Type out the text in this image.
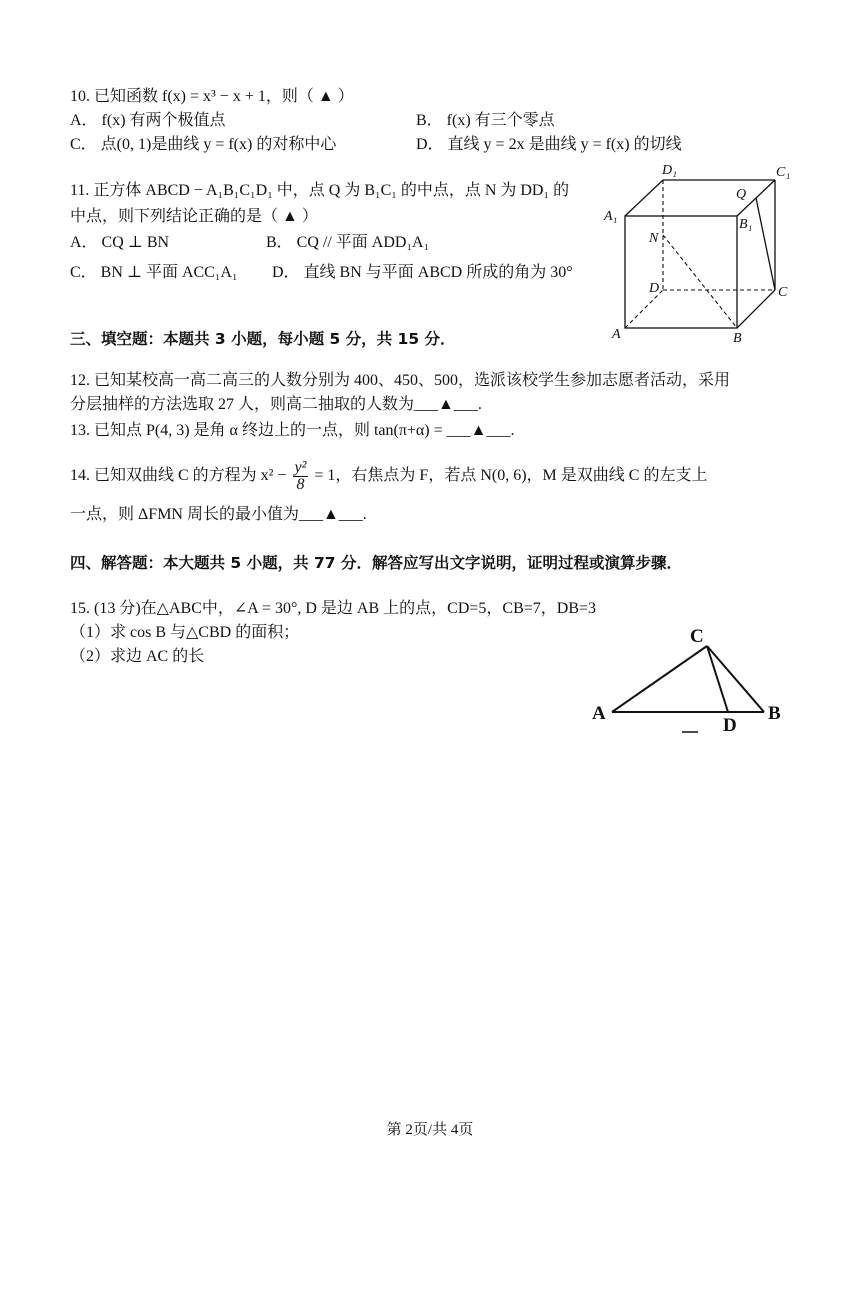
10. 已知函数 f(x) = x³ − x + 1，则（ ▲ ）
A． f(x) 有两个极值点	B． f(x) 有三个零点
C． 点(0, 1)是曲线 y = f(x) 的对称中心	D． 直线 y = 2x 是曲线 y = f(x) 的切线
11. 正方体 ABCD − A₁B₁C₁D₁ 中，点 Q 为 B₁C₁ 的中点，点 N 为 DD₁ 的
中点，则下列结论正确的是（ ▲ ）
A． CQ ⊥ BN	B． CQ // 平面 ADD₁A₁
C． BN ⊥ 平面 ACC₁A₁ D． 直线 BN 与平面 ABCD 所成的角为 30°
D₁	C₁
A₁
B₁
Q
N
D	C
A	B
三、填空题：本题共 3 小题，每小题 5 分，共 15 分．
12. 已知某校高一高二高三的人数分别为 400、450、500，选派该校学生参加志愿者活动，采用
分层抽样的方法选取 27 人，则高二抽取的人数为___▲___.
13. 已知点 P(4, 3) 是角 α 终边上的一点，则 tan(π+α) = ___▲___.
14. 已知双曲线 C 的方程为 $x^2 - \frac{\text{y²}}{8} = 1$，右焦点为 F，若点 N(0, 6)，M 是双曲线 C 的左支上
一点，则 ΔFMN 周长的最小值为___▲___.
四、解答题：本大题共 5 小题，共 77 分．解答应写出文字说明，证明过程或演算步骤．
15. (13 分)在△ABC中，∠A = 30°, D 是边 AB 上的点，CD=5，CB=7，DB=3
（1）求 cos B 与△CBD 的面积；
（2）求边 AC 的长
A	B
C
D
第 2页/共 4页
